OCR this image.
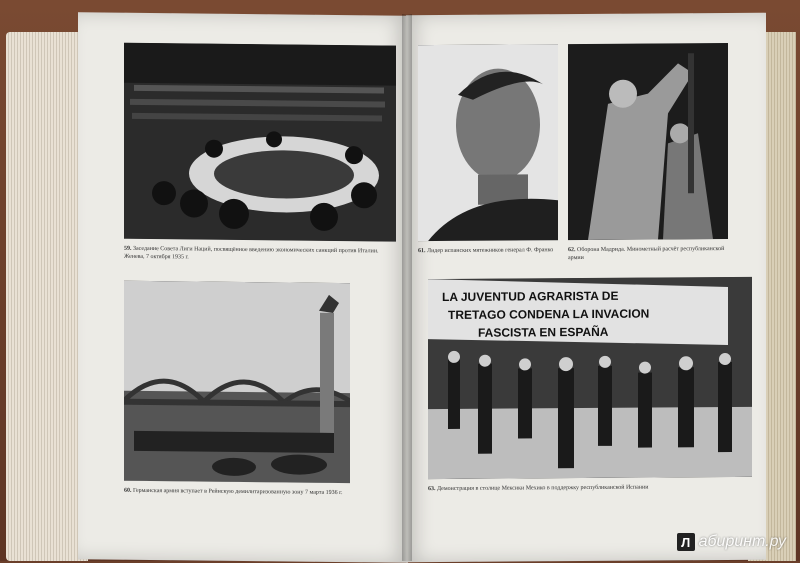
59. Заседание Совета Лиги Наций, посвящённое введению экономических санкций против Италии. Женева, 7 октября 1935 г.
60. Германская армия вступает в Рейнскую демилитаризованную зону 7 марта 1936 г.
61. Лидер испанских мятежников генерал Ф. Франко	62. Оборона Мадрида. Минометный расчёт республиканской армии
LA JUVENTUD AGRARISTA DE
TRETAGO CONDENA LA INVACION
FASCISTA EN ESPAÑA
63. Демонстрация в столице Мексики Мехико в поддержку республиканской Испании
Л абиринт.ру
